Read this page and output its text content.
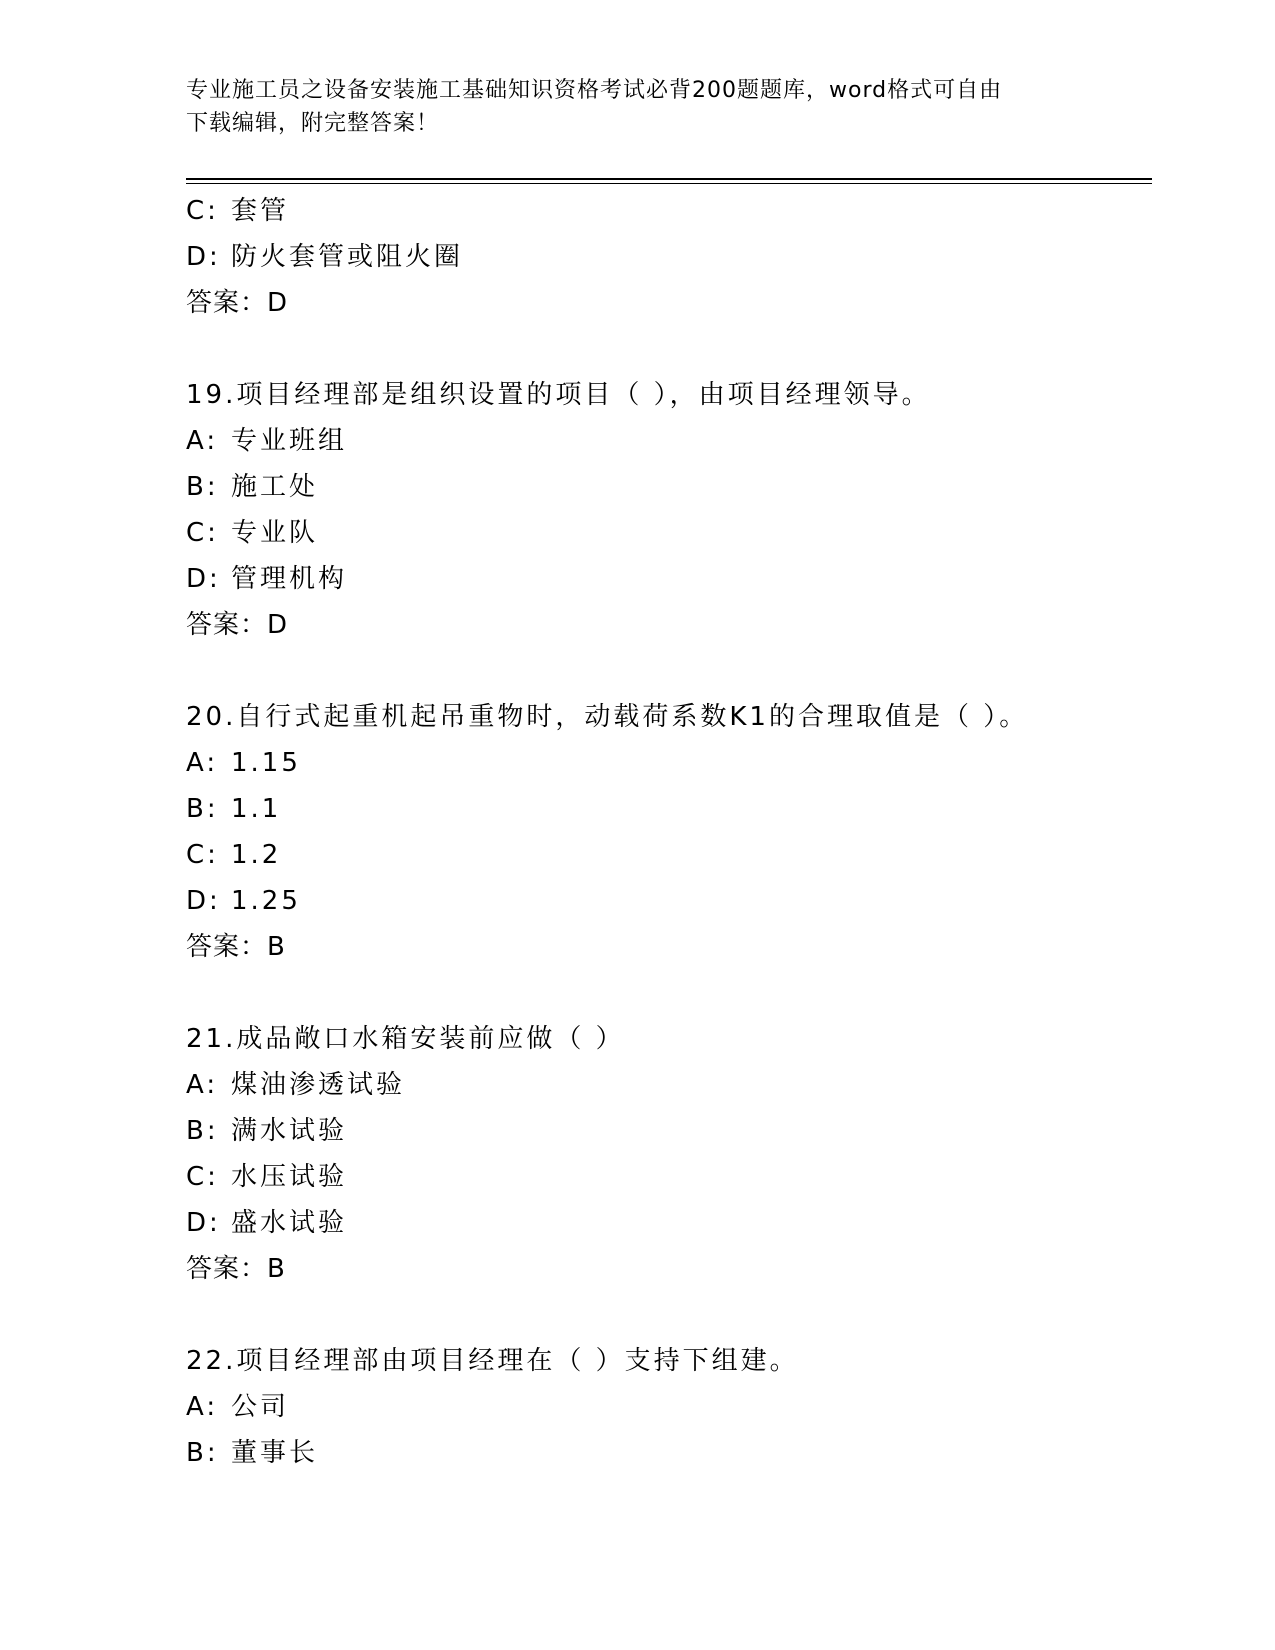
专业施工员之设备安装施工基础知识资格考试必背200题题库，word格式可自由
下载编辑，附完整答案！
C: 套管
D: 防火套管或阻火圈
答案：D
19.项目经理部是组织设置的项目（ ），由项目经理领导。
A: 专业班组
B: 施工处
C: 专业队
D: 管理机构
答案：D
20.自行式起重机起吊重物时，动载荷系数K1的合理取值是（ ）。
A: 1.15
B: 1.1
C: 1.2
D: 1.25
答案：B
21.成品敞口水箱安装前应做（ ）
A: 煤油渗透试验
B: 满水试验
C: 水压试验
D: 盛水试验
答案：B
22.项目经理部由项目经理在（ ）支持下组建。
A: 公司
B: 董事长
